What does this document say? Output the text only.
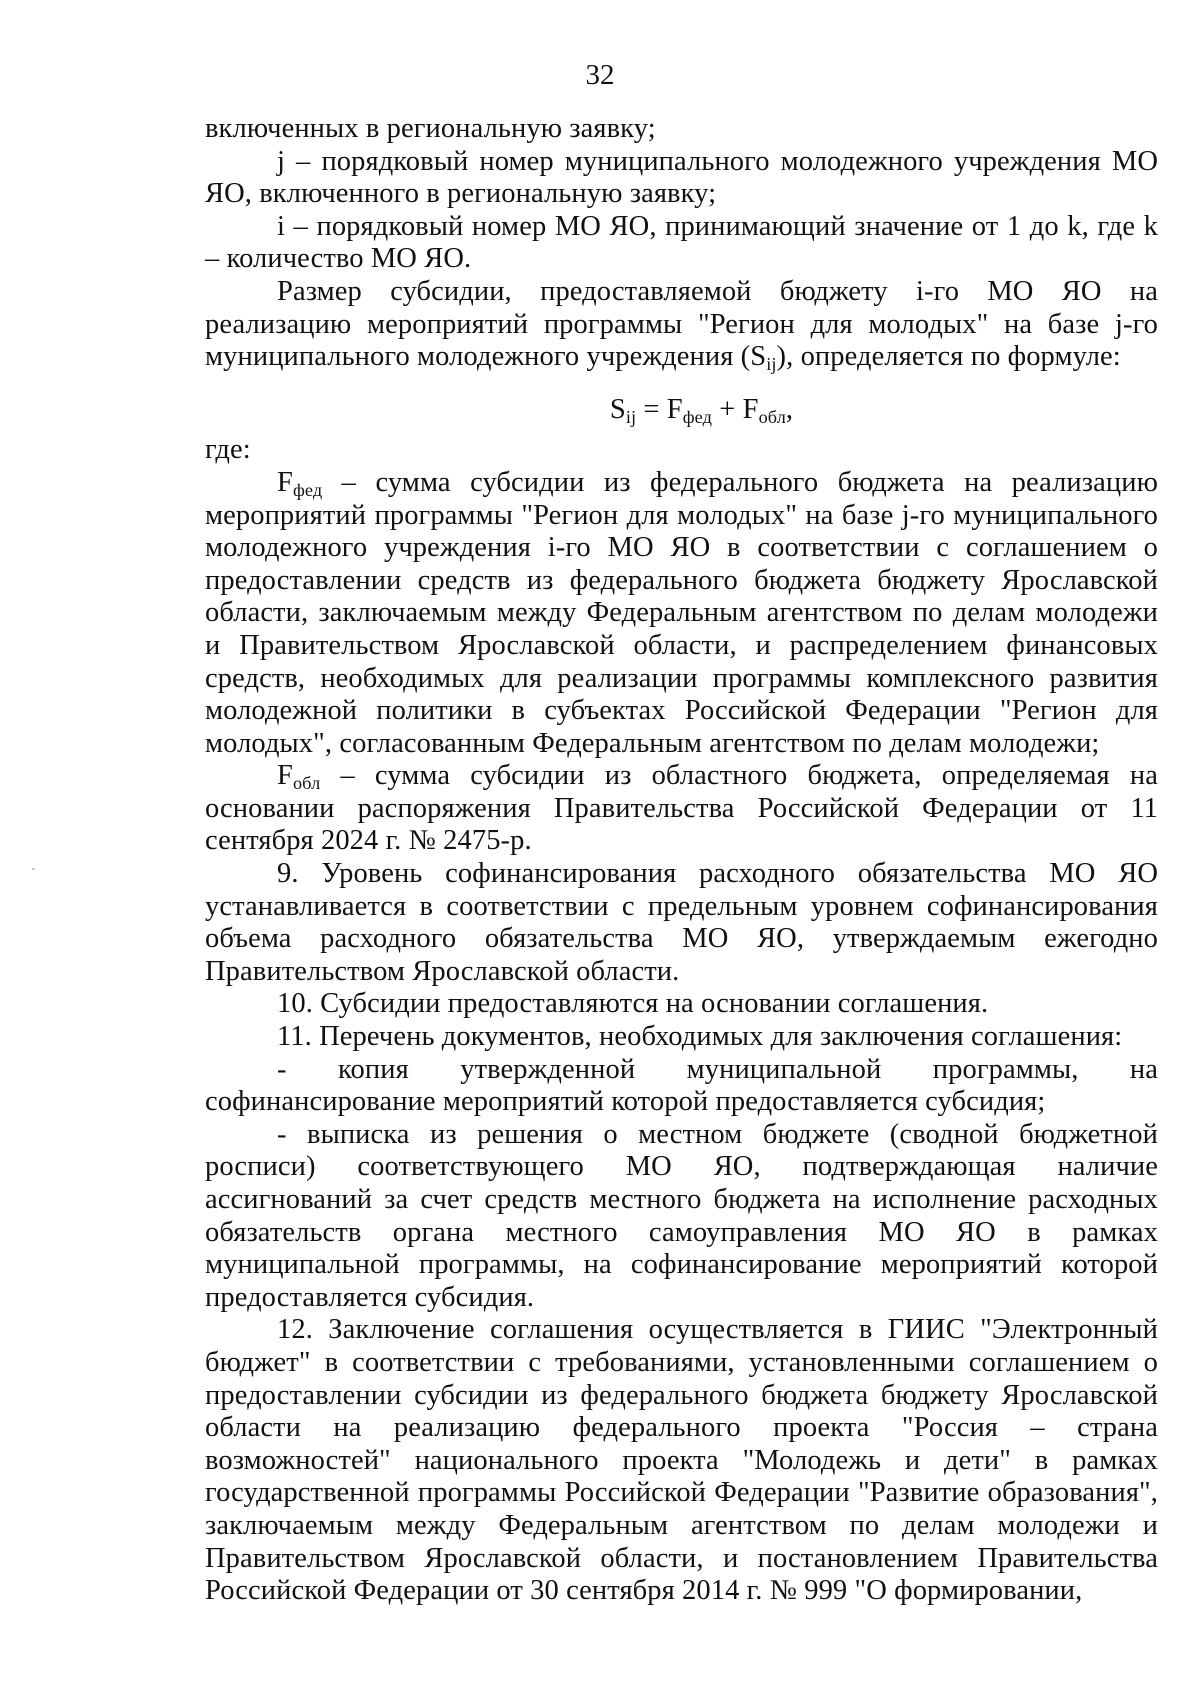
32

включенных в региональную заявку;

j – порядковый номер муниципального молодежного учреждения МО ЯО, включенного в региональную заявку;

i – порядковый номер МО ЯО, принимающий значение от 1 до k, где k – количество МО ЯО.

Размер субсидии, предоставляемой бюджету i-го МО ЯО на реализацию мероприятий программы "Регион для молодых" на базе j-го муниципального молодежного учреждения $(S_{ij})$, определяется по формуле:

$S_{ij} = F_{фед} + F_{обл}$,

где:

$F_{фед}$ – сумма субсидии из федерального бюджета на реализацию мероприятий программы "Регион для молодых" на базе j-го муниципального молодежного учреждения i-го МО ЯО в соответствии с соглашением о предоставлении средств из федерального бюджета бюджету Ярославской области, заключаемым между Федеральным агентством по делам молодежи и Правительством Ярославской области, и распределением финансовых средств, необходимых для реализации программы комплексного развития молодежной политики в субъектах Российской Федерации "Регион для молодых", согласованным Федеральным агентством по делам молодежи;

$F_{обл}$ – сумма субсидии из областного бюджета, определяемая на основании распоряжения Правительства Российской Федерации от 11 сентября 2024 г. № 2475-р.

9. Уровень софинансирования расходного обязательства МО ЯО устанавливается в соответствии с предельным уровнем софинансирования объема расходного обязательства МО ЯО, утверждаемым ежегодно Правительством Ярославской области.

10. Субсидии предоставляются на основании соглашения.

11. Перечень документов, необходимых для заключения соглашения:

- копия утвержденной муниципальной программы, на софинансирование мероприятий которой предоставляется субсидия;

- выписка из решения о местном бюджете (сводной бюджетной росписи) соответствующего МО ЯО, подтверждающая наличие ассигнований за счет средств местного бюджета на исполнение расходных обязательств органа местного самоуправления МО ЯО в рамках муниципальной программы, на софинансирование мероприятий которой предоставляется субсидия.

12. Заключение соглашения осуществляется в ГИИС "Электронный бюджет" в соответствии с требованиями, установленными соглашением о предоставлении субсидии из федерального бюджета бюджету Ярославской области на реализацию федерального проекта "Россия – страна возможностей" национального проекта "Молодежь и дети" в рамках государственной программы Российской Федерации "Развитие образования", заключаемым между Федеральным агентством по делам молодежи и Правительством Ярославской области, и постановлением Правительства Российской Федерации от 30 сентября 2014 г. № 999 "О формировании,
